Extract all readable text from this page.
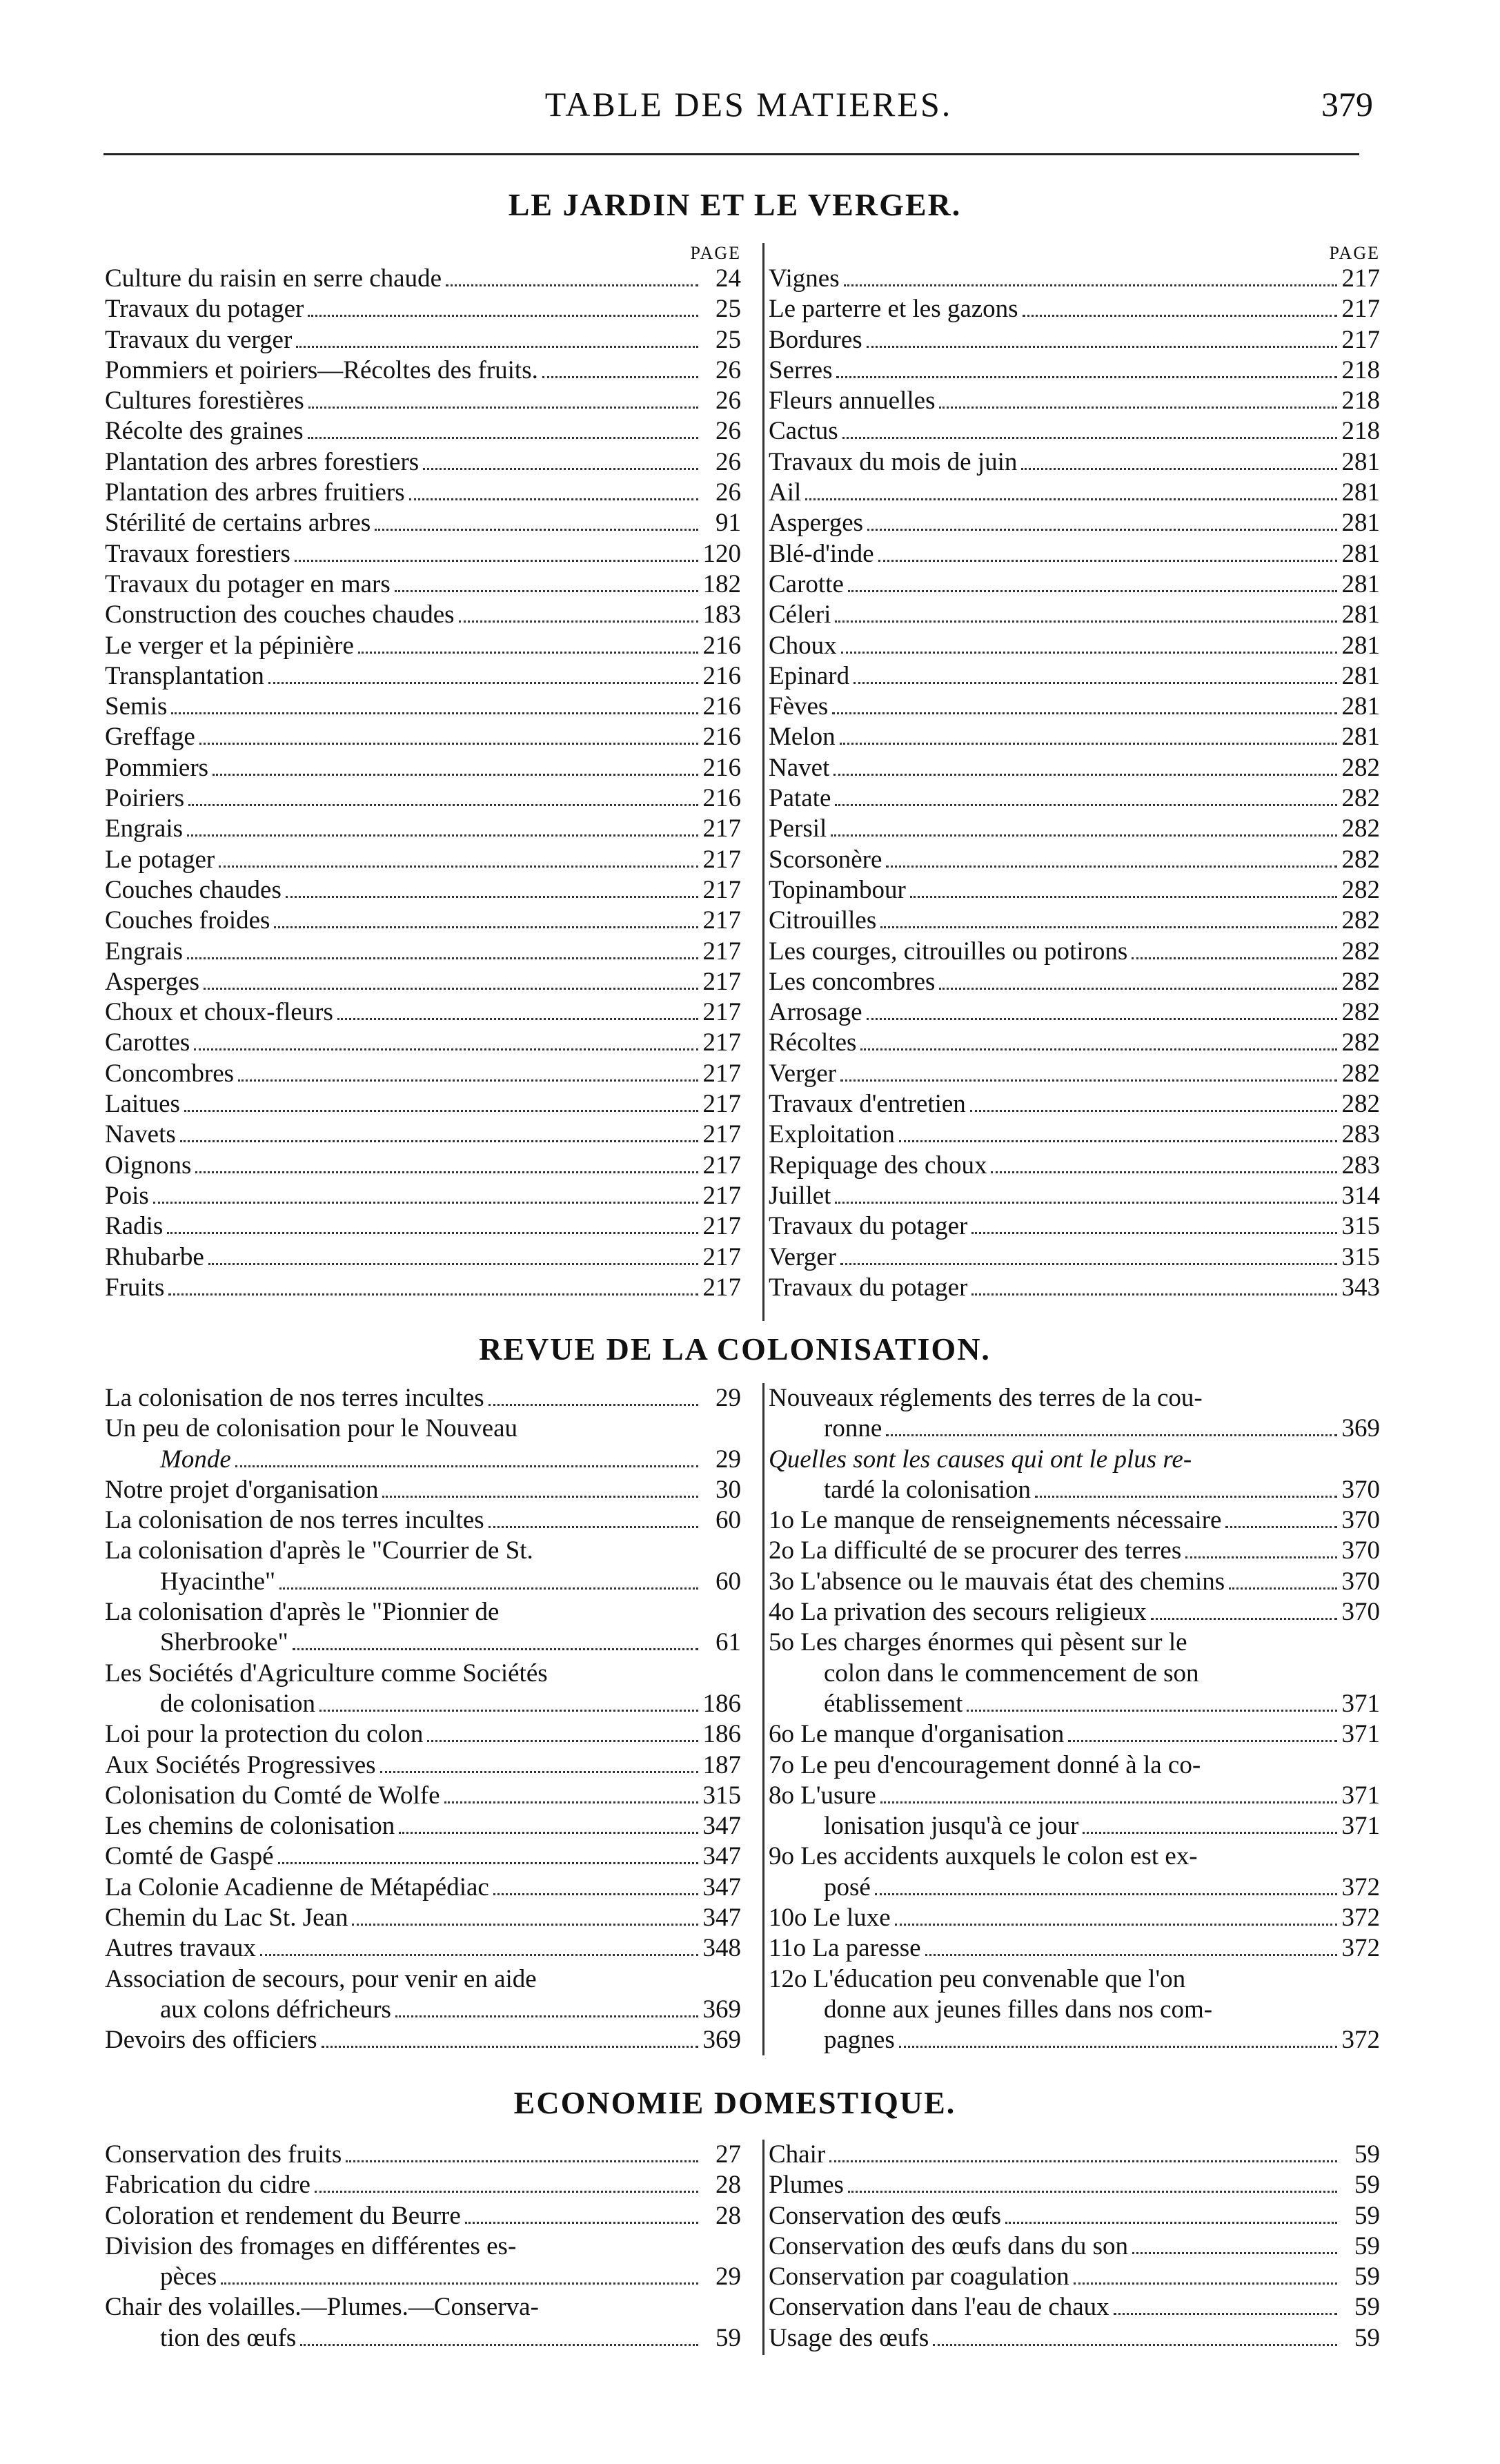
TABLE DES MATIERES.	379
LE JARDIN ET LE VERGER.
PAGE
Culture du raisin en serre chaude	24
Travaux du potager	25
Travaux du verger	25
Pommiers et poiriers—Récoltes des fruits.	26
Cultures forestières	26
Récolte des graines	26
Plantation des arbres forestiers	26
Plantation des arbres fruitiers	26
Stérilité de certains arbres	91
Travaux forestiers	120
Travaux du potager en mars	182
Construction des couches chaudes	183
Le verger et la pépinière	216
Transplantation	216
Semis	216
Greffage	216
Pommiers	216
Poiriers	216
Engrais	217
Le potager	217
Couches chaudes	217
Couches froides	217
Engrais	217
Asperges	217
Choux et choux-fleurs	217
Carottes	217
Concombres	217
Laitues	217
Navets	217
Oignons	217
Pois	217
Radis	217
Rhubarbe	217
Fruits	217
PAGE
Vignes	217
Le parterre et les gazons	217
Bordures	217
Serres	218
Fleurs annuelles	218
Cactus	218
Travaux du mois de juin	281
Ail	281
Asperges	281
Blé-d'inde	281
Carotte	281
Céleri	281
Choux	281
Epinard	281
Fèves	281
Melon	281
Navet	282
Patate	282
Persil	282
Scorsonère	282
Topinambour	282
Citrouilles	282
Les courges, citrouilles ou potirons	282
Les concombres	282
Arrosage	282
Récoltes	282
Verger	282
Travaux d'entretien	282
Exploitation	283
Repiquage des choux	283
Juillet	314
Travaux du potager	315
Verger	315
Travaux du potager	343
REVUE DE LA COLONISATION.
La colonisation de nos terres incultes	29
Un peu de colonisation pour le Nouveau
Monde	29
Notre projet d'organisation	30
La colonisation de nos terres incultes	60
La colonisation d'après le "Courrier de St.
Hyacinthe"	60
La colonisation d'après le "Pionnier de
Sherbrooke"	61
Les Sociétés d'Agriculture comme Sociétés
de colonisation	186
Loi pour la protection du colon	186
Aux Sociétés Progressives	187
Colonisation du Comté de Wolfe	315
Les chemins de colonisation	347
Comté de Gaspé	347
La Colonie Acadienne de Métapédiac	347
Chemin du Lac St. Jean	347
Autres travaux	348
Association de secours, pour venir en aide
aux colons défricheurs	369
Devoirs des officiers	369
Nouveaux réglements des terres de la cou-
ronne	369
Quelles sont les causes qui ont le plus re-
tardé la colonisation	370
1o Le manque de renseignements nécessaire	370
2o La difficulté de se procurer des terres	370
3o L'absence ou le mauvais état des chemins	370
4o La privation des secours religieux	370
5o Les charges énormes qui pèsent sur le
colon dans le commencement de son
établissement	371
6o Le manque d'organisation	371
7o Le peu d'encouragement donné à la co-
8o L'usure	371
lonisation jusqu'à ce jour	371
9o Les accidents auxquels le colon est ex-
posé	372
10o Le luxe	372
11o La paresse	372
12o L'éducation peu convenable que l'on
donne aux jeunes filles dans nos com-
pagnes	372
ECONOMIE DOMESTIQUE.
Conservation des fruits	27
Fabrication du cidre	28
Coloration et rendement du Beurre	28
Division des fromages en différentes es-
pèces	29
Chair des volailles.—Plumes.—Conserva-
tion des œufs	59
Chair	59
Plumes	59
Conservation des œufs	59
Conservation des œufs dans du son	59
Conservation par coagulation	59
Conservation dans l'eau de chaux	59
Usage des œufs	59
